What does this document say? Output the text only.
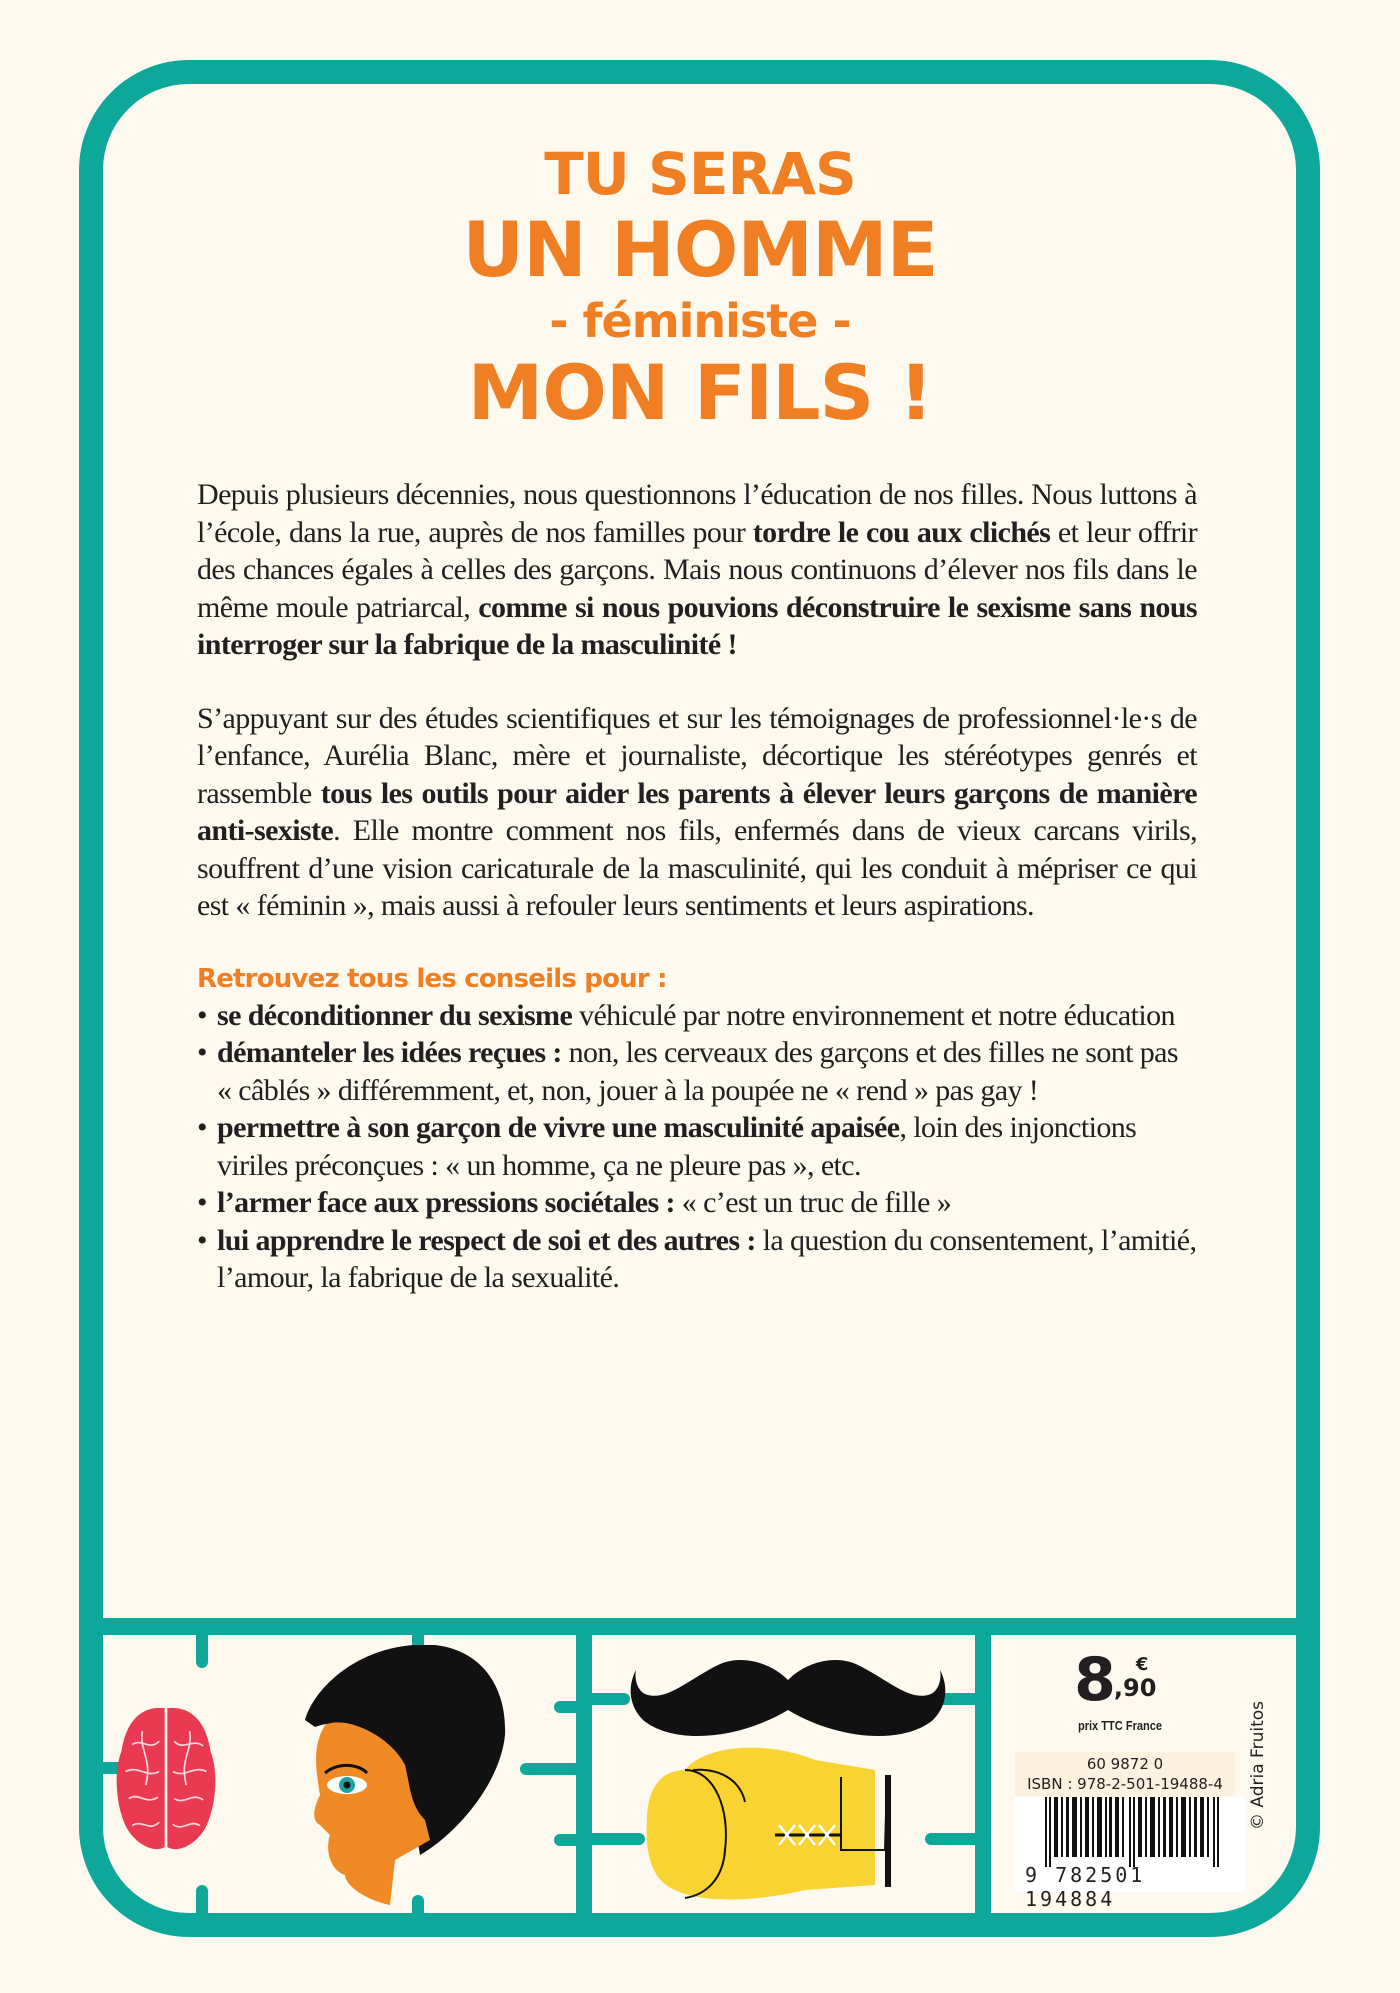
TU SERAS
UN HOMME
- féministe -
MON FILS !

Depuis plusieurs décennies, nous questionnons l’éducation de nos filles. Nous luttons à l’école, dans la rue, auprès de nos familles pour tordre le cou aux clichés et leur offrir des chances égales à celles des garçons. Mais nous continuons d’élever nos fils dans le même moule patriarcal, comme si nous pouvions déconstruire le sexisme sans nous interroger sur la fabrique de la masculinité !

S’appuyant sur des études scientifiques et sur les témoignages de professionnel·le·s de l’enfance, Aurélia Blanc, mère et journaliste, décortique les stéréotypes genrés et rassemble tous les outils pour aider les parents à élever leurs garçons de manière anti-sexiste. Elle montre comment nos fils, enfermés dans de vieux carcans virils, souffrent d’une vision caricaturale de la masculinité, qui les conduit à mépriser ce qui est « féminin », mais aussi à refouler leurs sentiments et leurs aspirations.

Retrouvez tous les conseils pour :
• se déconditionner du sexisme véhiculé par notre environnement et notre éducation
• démanteler les idées reçues : non, les cerveaux des garçons et des filles ne sont pas « câblés » différemment, et, non, jouer à la poupée ne « rend » pas gay !
• permettre à son garçon de vivre une masculinité apaisée, loin des injonctions viriles préconçues : « un homme, ça ne pleure pas », etc.
• l’armer face aux pressions sociétales : « c’est un truc de fille »
• lui apprendre le respect de soi et des autres : la question du consentement, l’amitié, l’amour, la fabrique de la sexualité.
8 €
,90
prix TTC France
60 9872 0
ISBN : 978-2-501-19488-4
9 782501 194884
© Adria Fruitos
